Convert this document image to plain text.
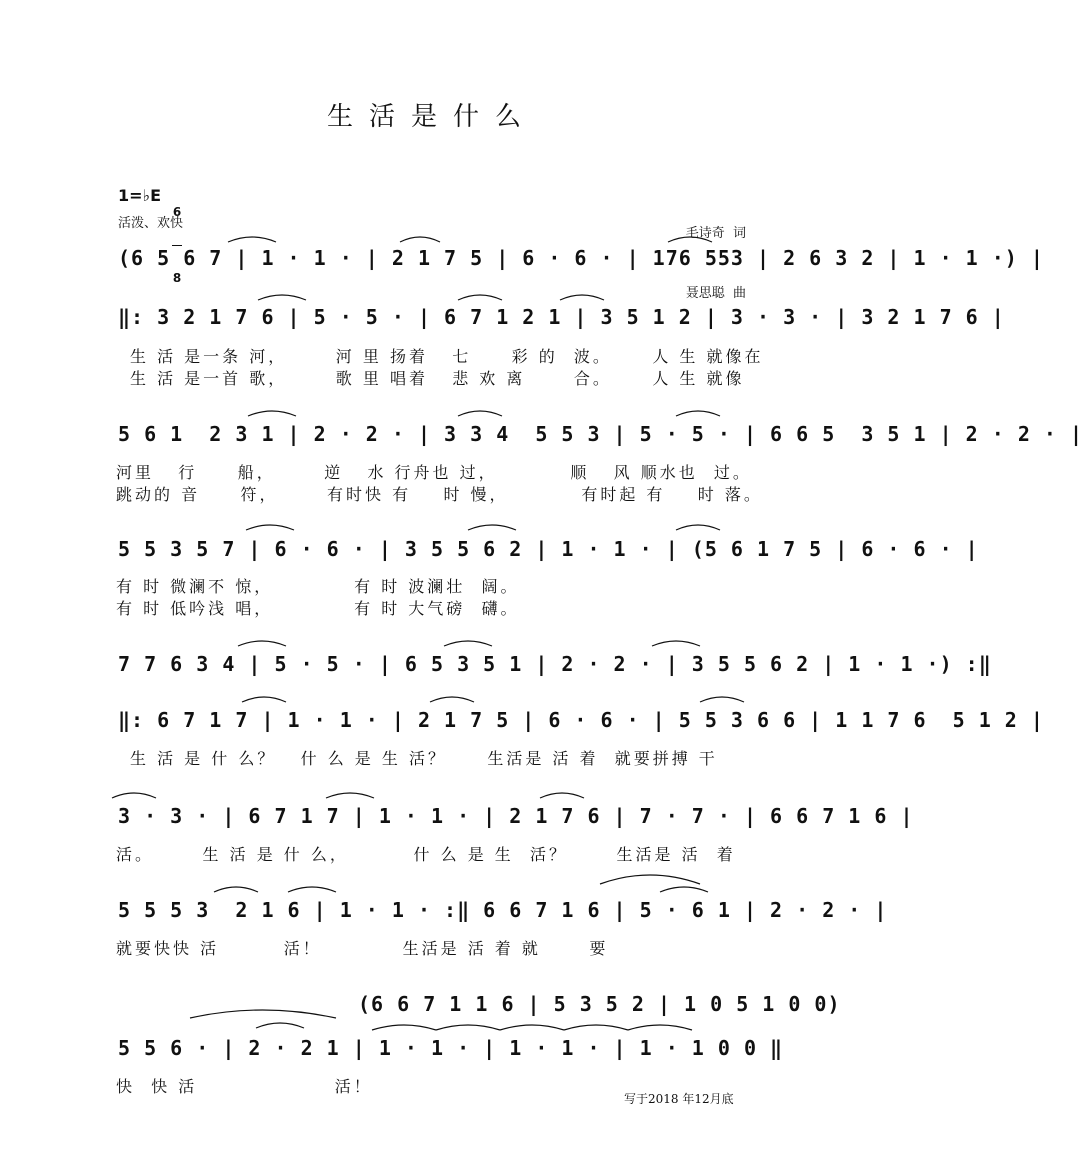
生活是什么
1=♭E

6

8

活泼、欢快

毛诗奇  词

聂思聪  曲

(6 5 6 7 | 1 · 1 · | 2 1 7 5 | 6 · 6 · | 176 553 | 2 6 3 2 | 1 · 1 ·) |
‖: 3 2 1 7 6 | 5 · 5 · | 6 7 1 2 1 | 3 5 1 2 | 3 · 3 · | 3 2 1 7 6 |
生 活 是一条 河，      河 里 扬着   七     彩 的  波。     人 生 就像在
生 活 是一首 歌，      歌 里 唱着   悲 欢 离      合。     人 生 就像
5 6 1  2 3 1 | 2 · 2 · | 3 3 4  5 5 3 | 5 · 5 · | 6 6 5  3 5 1 | 2 · 2 · |
河里   行     船，      逆   水 行舟也 过，         顺   风 顺水也  过。
跳动的 音     符，      有时快 有    时 慢，         有时起 有    时 落。
5 5 3 5 7 | 6 · 6 · | 3 5 5 6 2 | 1 · 1 · | (5 6 1 7 5 | 6 · 6 · |
有 时 微澜不 惊，          有 时 波澜壮  阔。
有 时 低吟浅 唱，          有 时 大气磅  礴。
7 7 6 3 4 | 5 · 5 · | 6 5 3 5 1 | 2 · 2 · | 3 5 5 6 2 | 1 · 1 ·) :‖
‖: 6 7 1 7 | 1 · 1 · | 2 1 7 5 | 6 · 6 · | 5 5 3 6 6 | 1 1 7 6  5 1 2 |
生 活 是 什 么？   什 么 是 生 活？     生活是 活 着  就要拼搏 干
3 · 3 · | 6 7 1 7 | 1 · 1 · | 2 1 7 6 | 7 · 7 · | 6 6 7 1 6 |
活。      生 活 是 什 么，        什 么 是 生  活？      生活是 活  着
5 5 5 3  2 1 6 | 1 · 1 · :‖ 6 6 7 1 6 | 5 · 6 1 | 2 · 2 · |
就要快快 活        活！          生活是 活 着 就      要
(6 6 7 1 1 6 | 5 3 5 2 | 1 0 5 1 0 0)
5 5 6 · | 2 · 2 1 | 1 · 1 · | 1 · 1 · | 1 · 1 0 0 ‖
快  快 活                 活！
写于2018 年12月底
